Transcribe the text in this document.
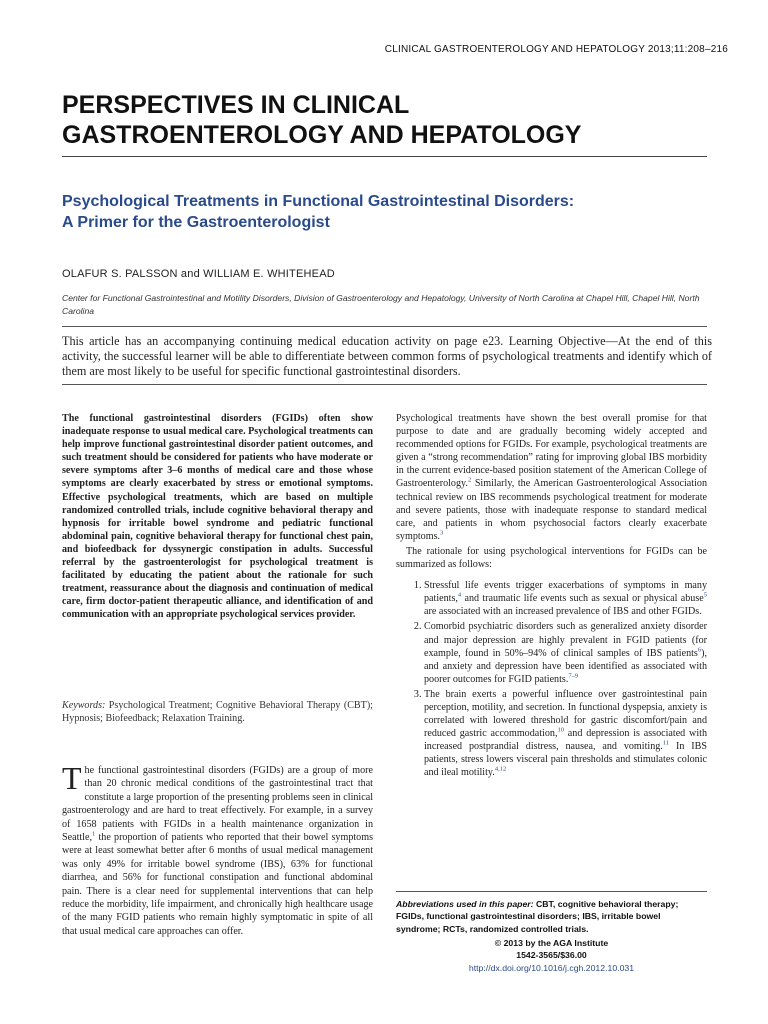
CLINICAL GASTROENTEROLOGY AND HEPATOLOGY 2013;11:208–216
PERSPECTIVES IN CLINICAL
GASTROENTEROLOGY AND HEPATOLOGY
Psychological Treatments in Functional Gastrointestinal Disorders:
A Primer for the Gastroenterologist
OLAFUR S. PALSSON and WILLIAM E. WHITEHEAD
Center for Functional Gastrointestinal and Motility Disorders, Division of Gastroenterology and Hepatology, University of North Carolina at Chapel Hill, Chapel Hill, North Carolina
This article has an accompanying continuing medical education activity on page e23. Learning Objective—At the end of this activity, the successful learner will be able to differentiate between common forms of psychological treatments and identify which of them are most likely to be useful for specific functional gastrointestinal disorders.
The functional gastrointestinal disorders (FGIDs) often show inadequate response to usual medical care. Psychological treatments can help improve functional gastrointestinal disorder patient outcomes, and such treatment should be considered for patients who have moderate or severe symptoms after 3–6 months of medical care and those whose symptoms are clearly exacerbated by stress or emotional symptoms. Effective psychological treatments, which are based on multiple randomized controlled trials, include cognitive behavioral therapy and hypnosis for irritable bowel syndrome and pediatric functional abdominal pain, cognitive behavioral therapy for functional chest pain, and biofeedback for dyssynergic constipation in adults. Successful referral by the gastroenterologist for psychological treatment is facilitated by educating the patient about the rationale for such treatment, reassurance about the diagnosis and continuation of medical care, firm doctor-patient therapeutic alliance, and identification of and communication with an appropriate psychological services provider.
Keywords: Psychological Treatment; Cognitive Behavioral Therapy (CBT); Hypnosis; Biofeedback; Relaxation Training.
The functional gastrointestinal disorders (FGIDs) are a group of more than 20 chronic medical conditions of the gastrointestinal tract that constitute a large proportion of the presenting problems seen in clinical gastroenterology and are hard to treat effectively. For example, in a survey of 1658 patients with FGIDs in a health maintenance organization in Seattle,$^1$ the proportion of patients who reported that their bowel symptoms were at least somewhat better after 6 months of usual medical management was only 49% for irritable bowel syndrome (IBS), 63% for functional diarrhea, and 56% for functional constipation and functional abdominal pain. There is a clear need for supplemental interventions that can help reduce the morbidity, life impairment, and chronically high healthcare usage of the many FGID patients who remain highly symptomatic in spite of all that usual medical care approaches can offer.

Psychological treatments have shown the best overall promise for that purpose to date and are gradually becoming widely accepted and recommended options for FGIDs. For example, psychological treatments are given a “strong recommendation” rating for improving global IBS morbidity in the current evidence-based position statement of the American College of Gastroenterology.$^2$ Similarly, the American Gastroenterological Association technical review on IBS recommends psychological treatment for moderate and severe patients, those with inadequate response to standard medical care, and patients in whom psychosocial factors clearly exacerbate symptoms.$^3$

The rationale for using psychological interventions for FGIDs can be summarized as follows:

1. Stressful life events trigger exacerbations of symptoms in many patients,$^4$ and traumatic life events such as sexual or physical abuse$^5$ are associated with an increased prevalence of IBS and other FGIDs.
2. Comorbid psychiatric disorders such as generalized anxiety disorder and major depression are highly prevalent in FGID patients (for example, found in 50%–94% of clinical samples of IBS patients$^6$), and anxiety and depression have been identified as associated with poorer outcomes for FGID patients.$^{7-9}$
3. The brain exerts a powerful influence over gastrointestinal pain perception, motility, and secretion. In functional dyspepsia, anxiety is correlated with lowered threshold for gastric discomfort/pain and reduced gastric accommodation,$^{10}$ and depression is associated with increased postprandial distress, nausea, and vomiting.$^{11}$ In IBS patients, stress lowers visceral pain thresholds and stimulates colonic and ileal motility.$^{4,12}$
Abbreviations used in this paper: CBT, cognitive behavioral therapy; FGIDs, functional gastrointestinal disorders; IBS, irritable bowel syndrome; RCTs, randomized controlled trials.
© 2013 by the AGA Institute
1542-3565/$36.00
http://dx.doi.org/10.1016/j.cgh.2012.10.031
